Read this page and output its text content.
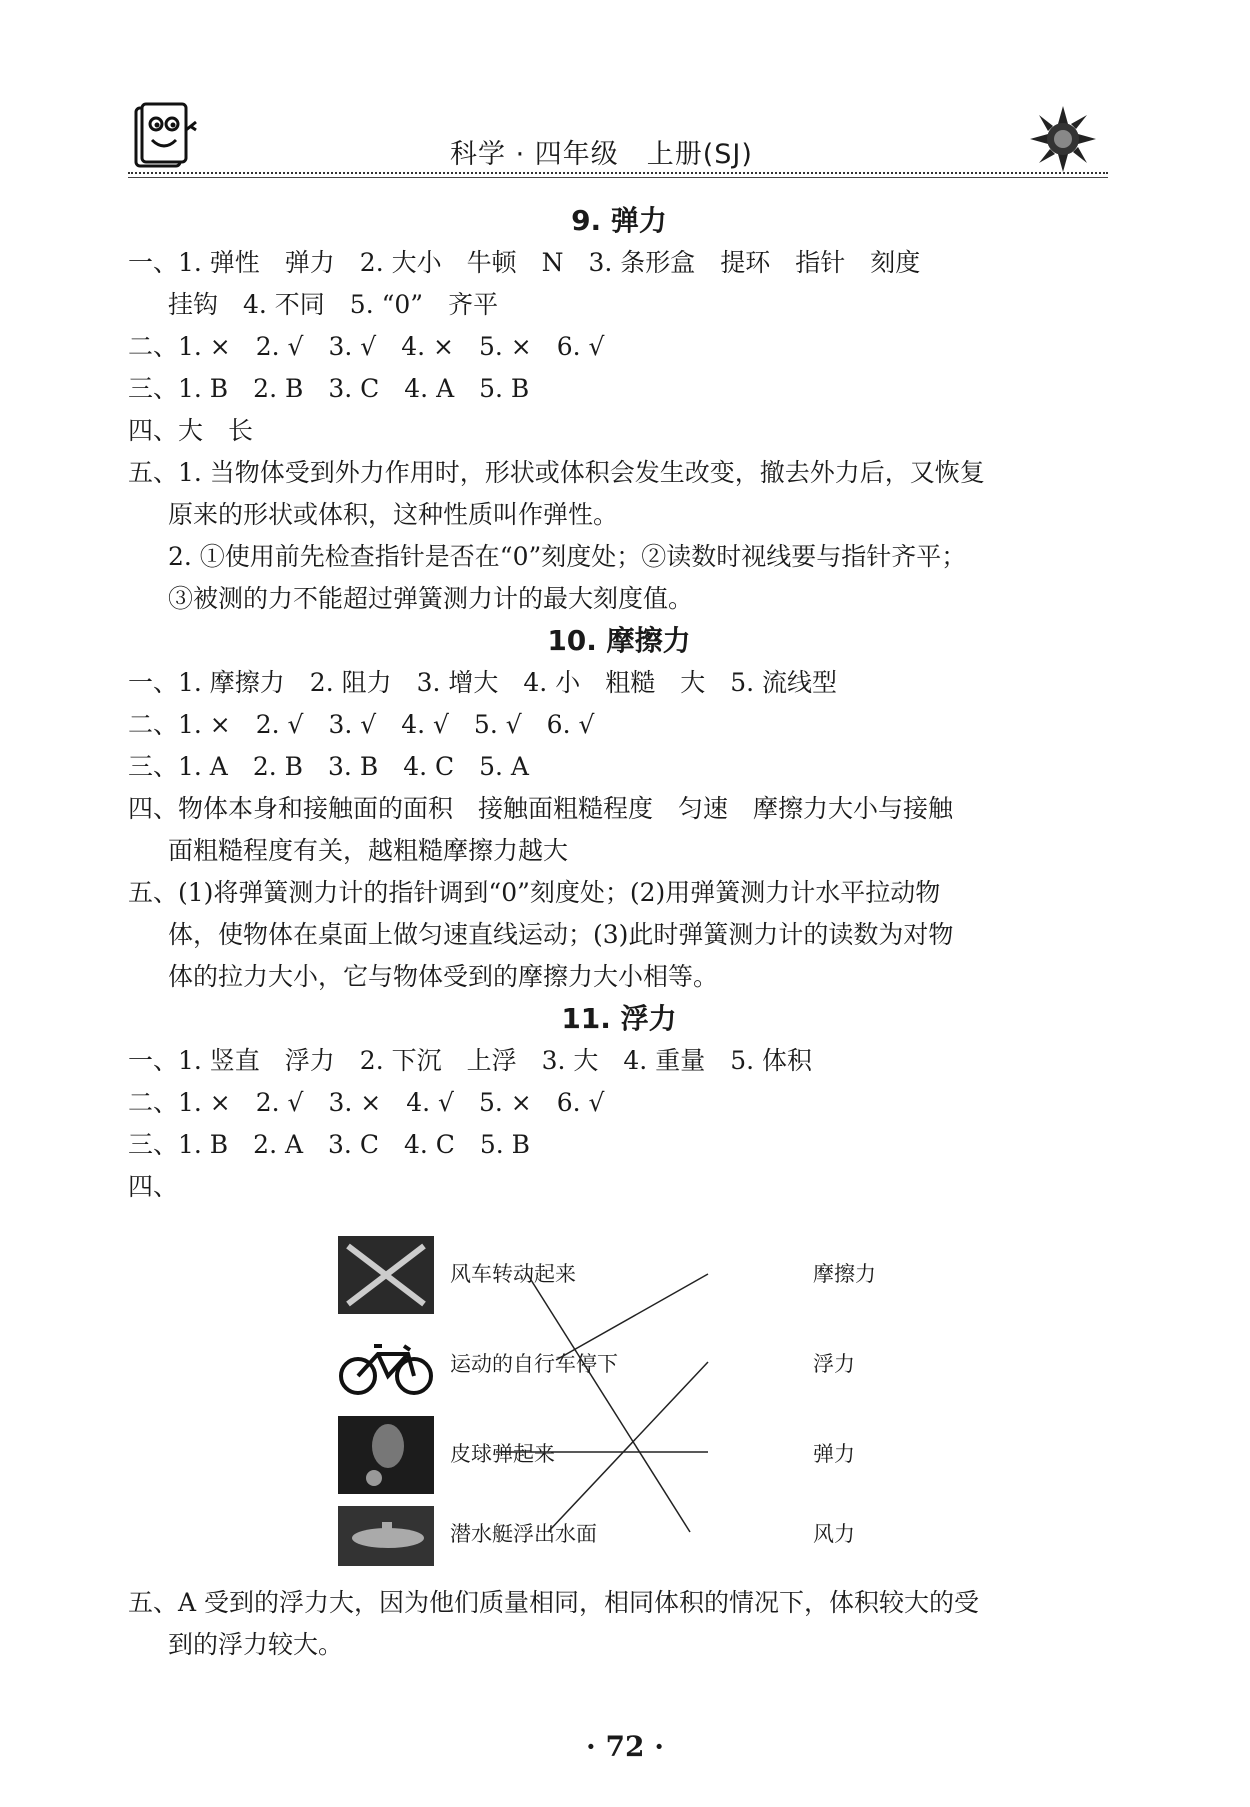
科学 · 四年级　上册(SJ)
9. 弹力
一、1. 弹性　弹力　2. 大小　牛顿　N　3. 条形盒　提环　指针　刻度
挂钩　4. 不同　5. “0”　齐平
二、1. ×　2. √　3. √　4. ×　5. ×　6. √
三、1. B　2. B　3. C　4. A　5. B
四、大　长
五、1. 当物体受到外力作用时，形状或体积会发生改变，撤去外力后，又恢复
原来的形状或体积，这种性质叫作弹性。
2. ①使用前先检查指针是否在“0”刻度处；②读数时视线要与指针齐平；
③被测的力不能超过弹簧测力计的最大刻度值。
10. 摩擦力
一、1. 摩擦力　2. 阻力　3. 增大　4. 小　粗糙　大　5. 流线型
二、1. ×　2. √　3. √　4. √　5. √　6. √
三、1. A　2. B　3. B　4. C　5. A
四、物体本身和接触面的面积　接触面粗糙程度　匀速　摩擦力大小与接触
面粗糙程度有关，越粗糙摩擦力越大
五、(1)将弹簧测力计的指针调到“0”刻度处；(2)用弹簧测力计水平拉动物
体，使物体在桌面上做匀速直线运动；(3)此时弹簧测力计的读数为对物
体的拉力大小，它与物体受到的摩擦力大小相等。
11. 浮力
一、1. 竖直　浮力　2. 下沉　上浮　3. 大　4. 重量　5. 体积
二、1. ×　2. √　3. ×　4. √　5. ×　6. √
三、1. B　2. A　3. C　4. C　5. B
四、
风车转动起来
运动的自行车停下
皮球弹起来
潜水艇浮出水面
摩擦力
浮力
弹力
风力
五、A 受到的浮力大，因为他们质量相同，相同体积的情况下，体积较大的受
到的浮力较大。
· 72 ·
